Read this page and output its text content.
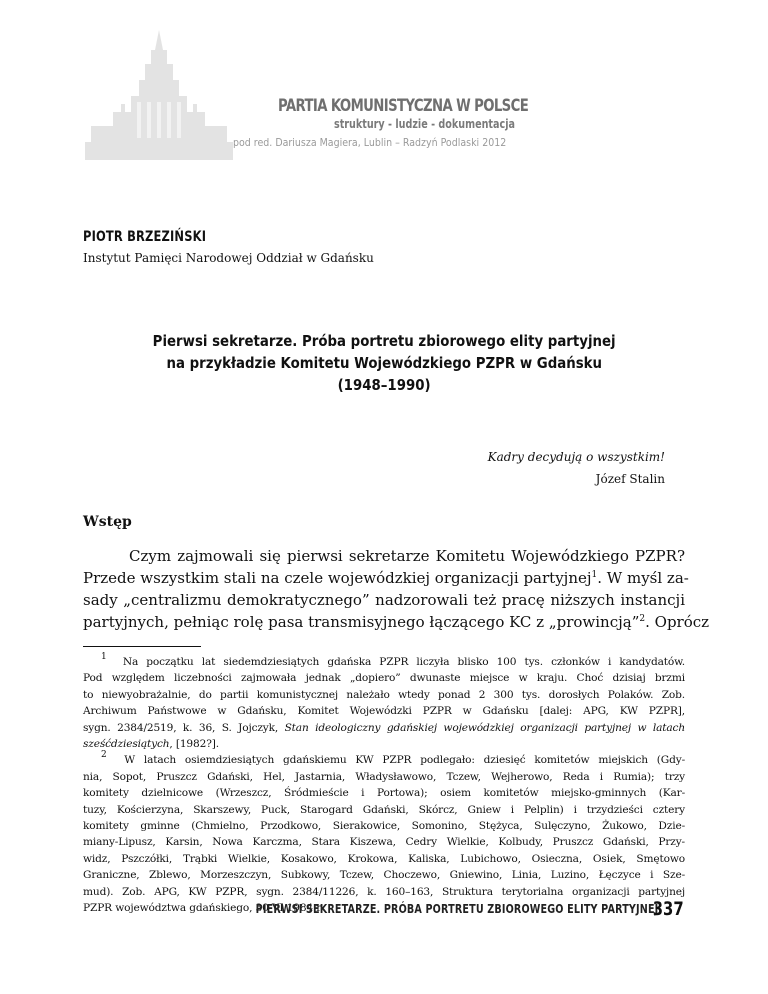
PARTIA KOMUNISTYCZNA W POLSCE
struktury - ludzie - dokumentacja
pod red. Dariusza Magiera, Lublin – Radzyń Podlaski 2012
PIOTR BRZEZIŃSKI
Instytut Pamięci Narodowej Oddział w Gdańsku
Pierwsi sekretarze. Próba portretu zbiorowego elity partyjnej
na przykładzie Komitetu Wojewódzkiego PZPR w Gdańsku
(1948–1990)
Kadry decydują o wszystkim!
Józef Stalin
Wstęp

Czym zajmowali się pierwsi sekretarze Komitetu Wojewódzkiego PZPR?
Przede wszystkim stali na czele wojewódzkiej organizacji partyjnej$^1$. W myśl za-
sady „centralizmu demokratycznego” nadzorowali też pracę niższych instancji
partyjnych, pełniąc rolę pasa transmisyjnego łączącego KC z „prowincją”$^2$. Oprócz

$^1$ Na początku lat siedemdziesiątych gdańska PZPR liczyła blisko 100 tys. członków i kandydatów.
Pod względem liczebności zajmowała jednak „dopiero” dwunaste miejsce w kraju. Choć dzisiaj brzmi
to niewyobrażalnie, do partii komunistycznej należało wtedy ponad 2 300 tys. dorosłych Polaków. Zob.
Archiwum Państwowe w Gdańsku, Komitet Wojewódzki PZPR w Gdańsku [dalej: APG, KW PZPR],
sygn. 2384/2519, k. 36, S. Jojczyk, Stan ideologiczny gdańskiej wojewódzkiej organizacji partyjnej w latach
sześćdziesiątych, [1982?].
$^2$ W latach osiemdziesiątych gdańskiemu KW PZPR podlegało: dziesięć komitetów miejskich (Gdy-
nia, Sopot, Pruszcz Gdański, Hel, Jastarnia, Władysławowo, Tczew, Wejherowo, Reda i Rumia); trzy
komitety dzielnicowe (Wrzeszcz, Śródmieście i Portowa); osiem komitetów miejsko-gminnych (Kar-
tuzy, Kościerzyna, Skarszewy, Puck, Starogard Gdański, Skórcz, Gniew i Pelplin) i trzydzieści cztery
komitety gminne (Chmielno, Przodkowo, Sierakowice, Somonino, Stężyca, Sulęczyno, Żukowo, Dzie-
miany-Lipusz, Karsin, Nowa Karczma, Stara Kiszewa, Cedry Wielkie, Kolbudy, Pruszcz Gdański, Przy-
widz, Pszczółki, Trąbki Wielkie, Kosakowo, Krokowa, Kaliska, Lubichowo, Osieczna, Osiek, Smętowo
Graniczne, Zblewo, Morzeszczyn, Subkowy, Tczew, Choczewo, Gniewino, Linia, Luzino, Łęczyce i Sze-
mud). Zob. APG, KW PZPR, sygn. 2384/11226, k. 160–163, Struktura terytorialna organizacji partyjnej
PZPR województwa gdańskiego, 30 VI 1984 r.
PIERWSI SEKRETARZE. PRÓBA PORTRETU ZBIOROWEGO ELITY PARTYJNEJ
337
